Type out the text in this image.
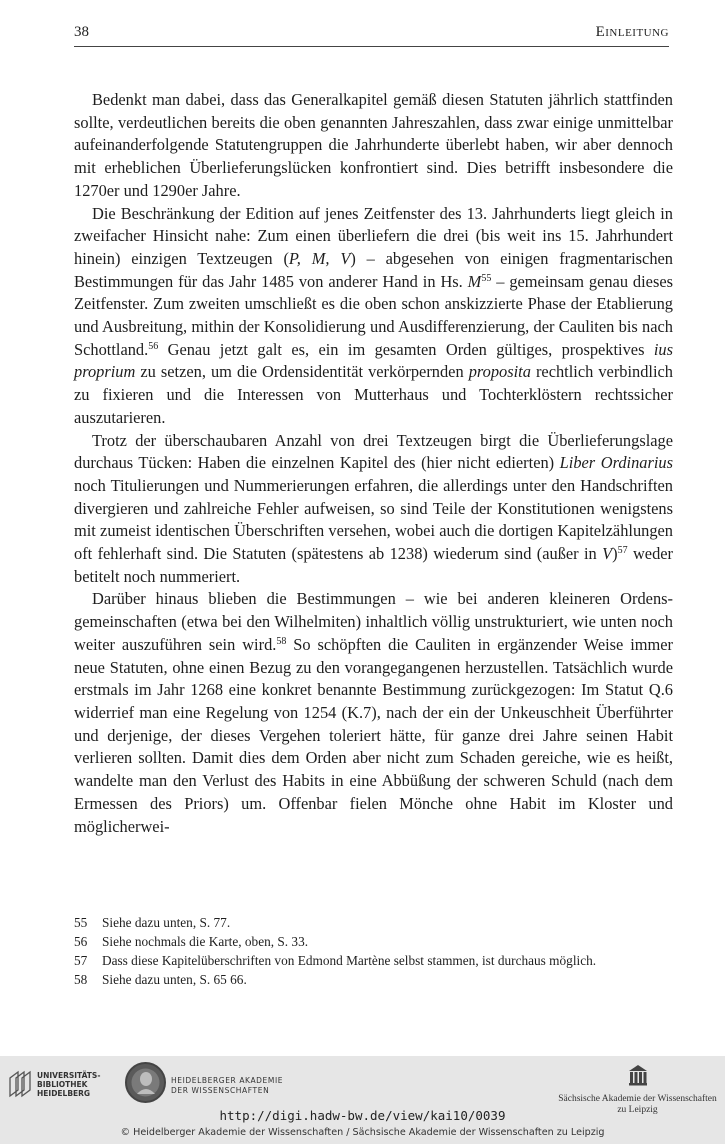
38	Einleitung

Bedenkt man dabei, dass das Generalkapitel gemäß diesen Statuten jährlich stattfinden sollte, verdeutlichen bereits die oben genannten Jahreszahlen, dass zwar einige unmittelbar aufeinanderfolgende Statutengruppen die Jahrhunderte überlebt haben, wir aber dennoch mit erheblichen Überlieferungslücken konfrontiert sind. Dies betrifft insbesondere die 1270er und 1290er Jahre.

Die Beschränkung der Edition auf jenes Zeitfenster des 13. Jahrhunderts liegt gleich in zweifacher Hinsicht nahe: Zum einen überliefern die drei (bis weit ins 15. Jahrhundert hinein) einzigen Textzeugen (P, M, V) – abgesehen von einigen fragmentarischen Bestimmungen für das Jahr 1485 von anderer Hand in Hs. $M^{55}$ – gemeinsam genau dieses Zeitfenster. Zum zweiten umschließt es die oben schon anskizzierte Phase der Etablierung und Ausbreitung, mithin der Konsolidierung und Ausdifferenzierung, der Cauliten bis nach Schottland.$^{56}$ Genau jetzt galt es, ein im gesamten Orden gültiges, prospektives ius proprium zu setzen, um die Ordensidentität verkörpernden proposita rechtlich verbindlich zu fixieren und die Interessen von Mutterhaus und Tochterklöstern rechtssicher auszutarieren.

Trotz der überschaubaren Anzahl von drei Textzeugen birgt die Überlieferungslage durchaus Tücken: Haben die einzelnen Kapitel des (hier nicht edierten) Liber Ordinarius noch Titulierungen und Nummerierungen erfahren, die allerdings unter den Handschriften divergieren und zahlreiche Fehler aufweisen, so sind Teile der Konstitutionen wenigstens mit zumeist identischen Überschriften versehen, wobei auch die dortigen Kapitelzählungen oft fehlerhaft sind. Die Statuten (spätestens ab 1238) wiederum sind (außer in V)$^{57}$ weder betitelt noch nummeriert.

Darüber hinaus blieben die Bestimmungen – wie bei anderen kleineren Ordensgemeinschaften (etwa bei den Wilhelmiten) inhaltlich völlig unstrukturiert, wie unten noch weiter auszuführen sein wird.$^{58}$ So schöpften die Cauliten in ergänzender Weise immer neue Statuten, ohne einen Bezug zu den vorangegangenen herzustellen. Tatsächlich wurde erstmals im Jahr 1268 eine konkret benannte Bestimmung zurückgezogen: Im Statut Q.6 widerrief man eine Regelung von 1254 (K.7), nach der ein der Unkeuschheit Überführter und derjenige, der dieses Vergehen toleriert hätte, für ganze drei Jahre seinen Habit verlieren sollten. Damit dies dem Orden aber nicht zum Schaden gereiche, wie es heißt, wandelte man den Verlust des Habits in eine Abbüßung der schweren Schuld (nach dem Ermessen des Priors) um. Offenbar fielen Mönche ohne Habit im Kloster und möglicherwei-

55	Siehe dazu unten, S. 77.
56	Siehe nochmals die Karte, oben, S. 33.
57	Dass diese Kapitelüberschriften von Edmond Martène selbst stammen, ist durchaus möglich.
58	Siehe dazu unten, S. 65 66.
UNIVERSITÄTS-
BIBLIOTHEK
HEIDELBERG
HEIDELBERGER AKADEMIE
DER WISSENSCHAFTEN
Sächsische Akademie der Wissenschaften
zu Leipzig
http://digi.hadw-bw.de/view/kai10/0039
© Heidelberger Akademie der Wissenschaften / Sächsische Akademie der Wissenschaften zu Leipzig
